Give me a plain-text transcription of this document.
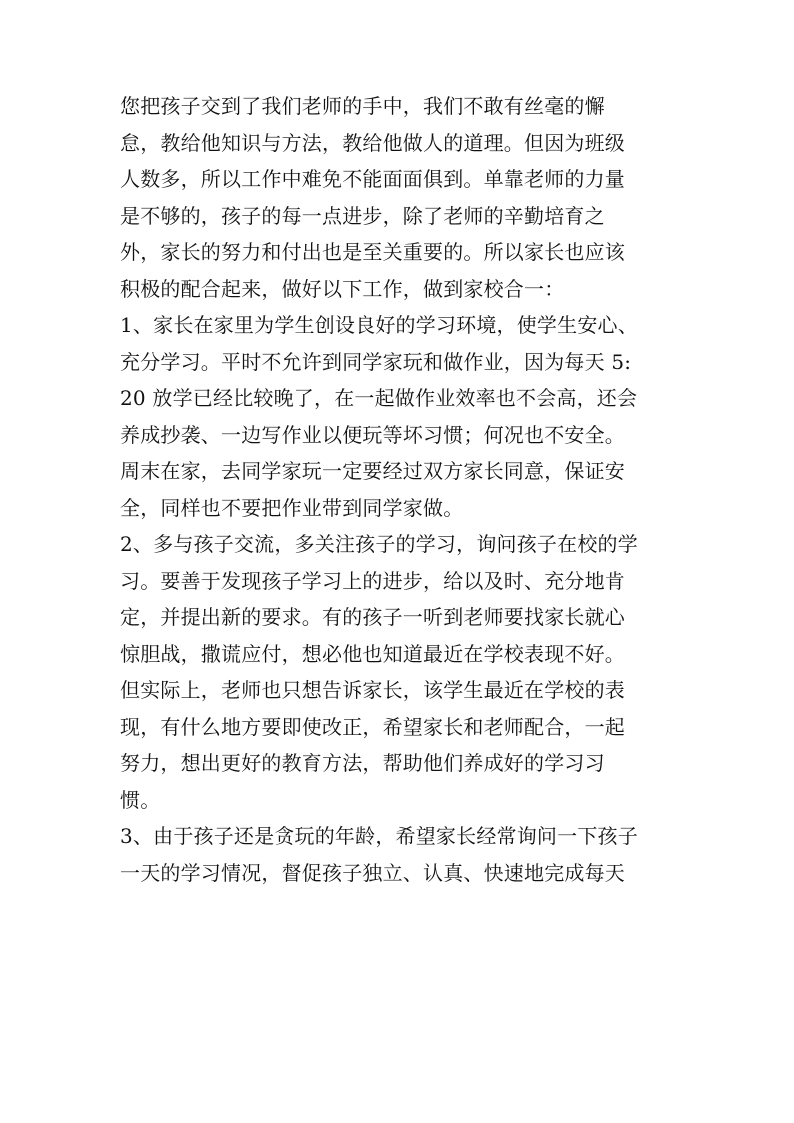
您把孩子交到了我们老师的手中，我们不敢有丝毫的懈
怠，教给他知识与方法，教给他做人的道理。但因为班级
人数多，所以工作中难免不能面面俱到。单靠老师的力量
是不够的，孩子的每一点进步，除了老师的辛勤培育之
外，家长的努力和付出也是至关重要的。所以家长也应该
积极的配合起来，做好以下工作，做到家校合一：
1、家长在家里为学生创设良好的学习环境，使学生安心、
充分学习。平时不允许到同学家玩和做作业，因为每天 5:
20 放学已经比较晚了，在一起做作业效率也不会高，还会
养成抄袭、一边写作业以便玩等坏习惯；何况也不安全。
周末在家，去同学家玩一定要经过双方家长同意，保证安
全，同样也不要把作业带到同学家做。
2、多与孩子交流，多关注孩子的学习，询问孩子在校的学
习。要善于发现孩子学习上的进步，给以及时、充分地肯
定，并提出新的要求。有的孩子一听到老师要找家长就心
惊胆战，撒谎应付，想必他也知道最近在学校表现不好。
但实际上，老师也只想告诉家长，该学生最近在学校的表
现，有什么地方要即使改正，希望家长和老师配合，一起
努力，想出更好的教育方法，帮助他们养成好的学习习
惯。
3、由于孩子还是贪玩的年龄，希望家长经常询问一下孩子
一天的学习情况，督促孩子独立、认真、快速地完成每天
